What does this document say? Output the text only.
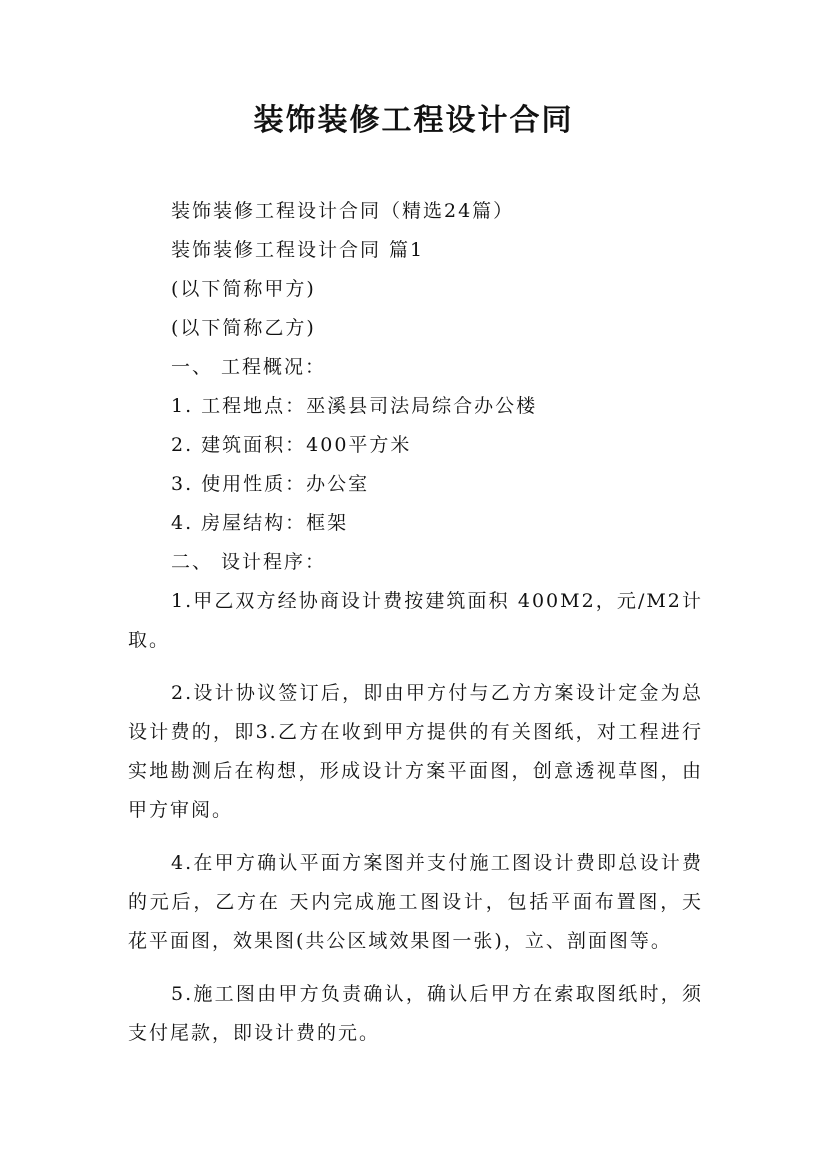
装饰装修工程设计合同

装饰装修工程设计合同（精选24篇）

装饰装修工程设计合同 篇1

(以下简称甲方)

(以下简称乙方)

一、 工程概况：

1. 工程地点：巫溪县司法局综合办公楼

2. 建筑面积：400平方米

3. 使用性质：办公室

4. 房屋结构：框架

二、 设计程序：

1.甲乙双方经协商设计费按建筑面积 400M2，元/M2计取。

2.设计协议签订后，即由甲方付与乙方方案设计定金为总设计费的，即3.乙方在收到甲方提供的有关图纸，对工程进行实地勘测后在构想，形成设计方案平面图，创意透视草图，由甲方审阅。

4.在甲方确认平面方案图并支付施工图设计费即总设计费的元后，乙方在 天内完成施工图设计，包括平面布置图，天花平面图，效果图(共公区域效果图一张)，立、剖面图等。

5.施工图由甲方负责确认，确认后甲方在索取图纸时，须支付尾款，即设计费的元。
